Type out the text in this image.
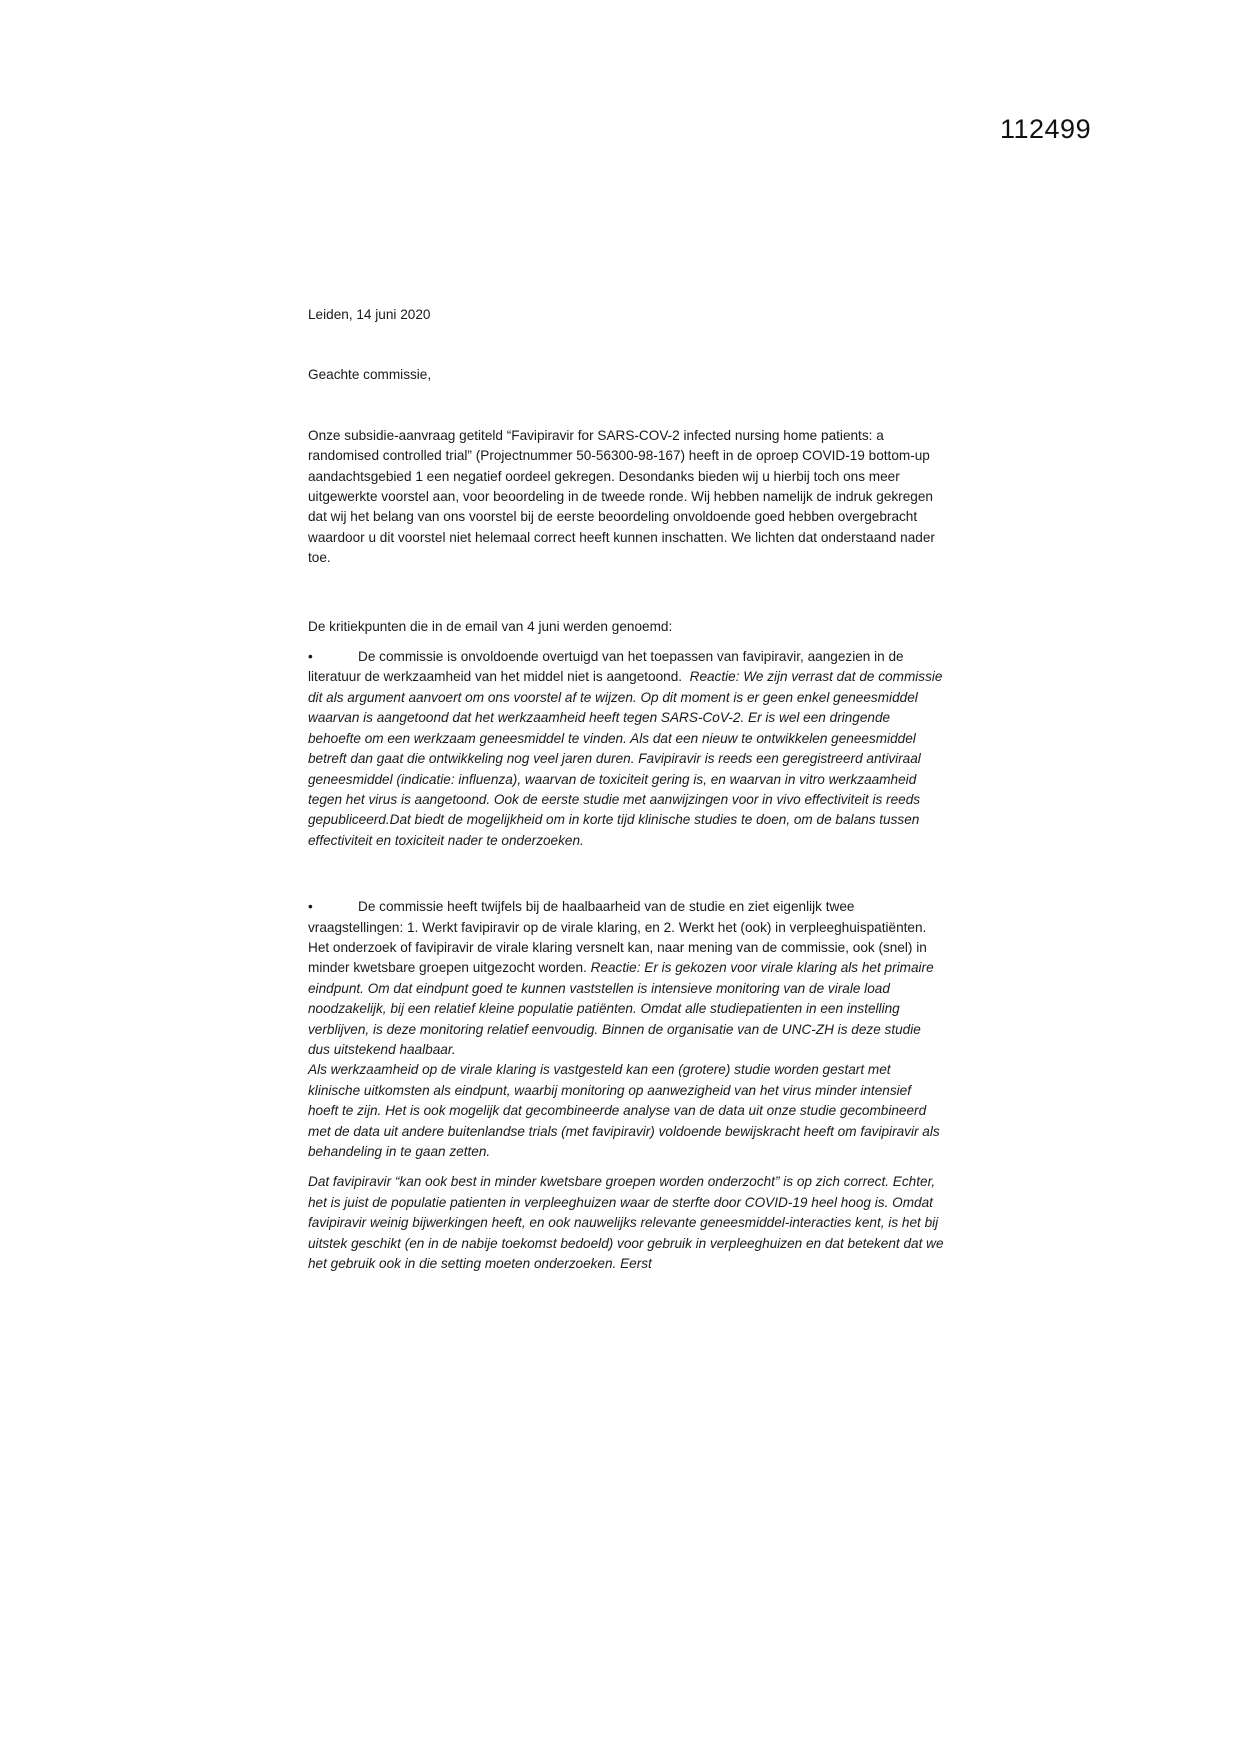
112499

Leiden, 14 juni 2020

Geachte commissie,

Onze subsidie-aanvraag getiteld “Favipiravir for SARS-COV-2 infected nursing home patients: a randomised controlled trial” (Projectnummer 50-56300-98-167) heeft in de oproep COVID-19 bottom-up aandachtsgebied 1 een negatief oordeel gekregen. Desondanks bieden wij u hierbij toch ons meer uitgewerkte voorstel aan, voor beoordeling in de tweede ronde. Wij hebben namelijk de indruk gekregen dat wij het belang van ons voorstel bij de eerste beoordeling onvoldoende goed hebben overgebracht waardoor u dit voorstel niet helemaal correct heeft kunnen inschatten. We lichten dat onderstaand nader toe.

De kritiekpunten die in de email van 4 juni werden genoemd:

•	De commissie is onvoldoende overtuigd van het toepassen van favipiravir, aangezien in de literatuur de werkzaamheid van het middel niet is aangetoond. Reactie: We zijn verrast dat de commissie dit als argument aanvoert om ons voorstel af te wijzen. Op dit moment is er geen enkel geneesmiddel waarvan is aangetoond dat het werkzaamheid heeft tegen SARS-CoV-2. Er is wel een dringende behoefte om een werkzaam geneesmiddel te vinden. Als dat een nieuw te ontwikkelen geneesmiddel betreft dan gaat die ontwikkeling nog veel jaren duren. Favipiravir is reeds een geregistreerd antiviraal geneesmiddel (indicatie: influenza), waarvan de toxiciteit gering is, en waarvan in vitro werkzaamheid tegen het virus is aangetoond. Ook de eerste studie met aanwijzingen voor in vivo effectiviteit is reeds gepubliceerd.Dat biedt de mogelijkheid om in korte tijd klinische studies te doen, om de balans tussen effectiviteit en toxiciteit nader te onderzoeken.

•	De commissie heeft twijfels bij de haalbaarheid van de studie en ziet eigenlijk twee vraagstellingen: 1. Werkt favipiravir op de virale klaring, en 2. Werkt het (ook) in verpleeghuispatiënten. Het onderzoek of favipiravir de virale klaring versnelt kan, naar mening van de commissie, ook (snel) in minder kwetsbare groepen uitgezocht worden. Reactie: Er is gekozen voor virale klaring als het primaire eindpunt. Om dat eindpunt goed te kunnen vaststellen is intensieve monitoring van de virale load noodzakelijk, bij een relatief kleine populatie patiënten. Omdat alle studiepatienten in een instelling verblijven, is deze monitoring relatief eenvoudig. Binnen de organisatie van de UNC-ZH is deze studie dus uitstekend haalbaar.

Als werkzaamheid op de virale klaring is vastgesteld kan een (grotere) studie worden gestart met klinische uitkomsten als eindpunt, waarbij monitoring op aanwezigheid van het virus minder intensief hoeft te zijn. Het is ook mogelijk dat gecombineerde analyse van de data uit onze studie gecombineerd met de data uit andere buitenlandse trials (met favipiravir) voldoende bewijskracht heeft om favipiravir als behandeling in te gaan zetten.

Dat favipiravir “kan ook best in minder kwetsbare groepen worden onderzocht” is op zich correct. Echter, het is juist de populatie patienten in verpleeghuizen waar de sterfte door COVID-19 heel hoog is. Omdat favipiravir weinig bijwerkingen heeft, en ook nauwelijks relevante geneesmiddel-interacties kent, is het bij uitstek geschikt (en in de nabije toekomst bedoeld) voor gebruik in verpleeghuizen en dat betekent dat we het gebruik ook in die setting moeten onderzoeken. Eerst
